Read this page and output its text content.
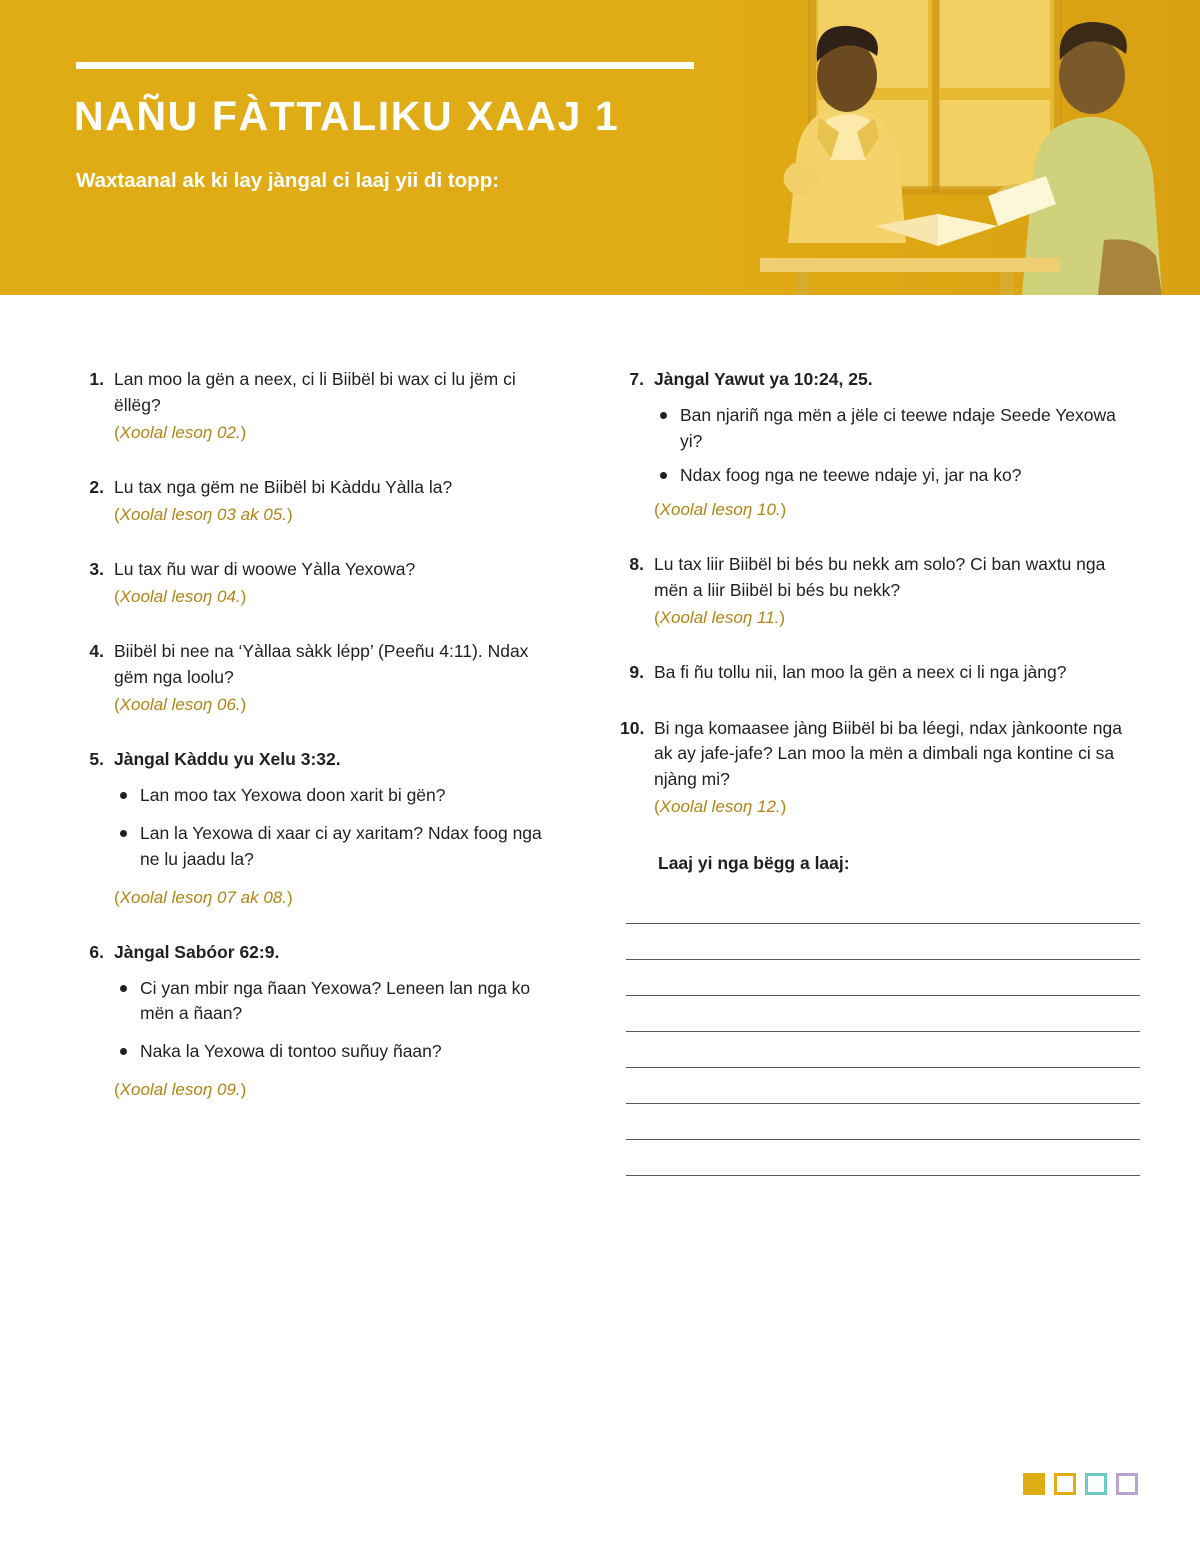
NAÑU FÀTTALIKU XAAJ 1

Waxtaanal ak ki lay jàngal ci laaj yii di topp:

1. Lan moo la gën a neex, ci li Biibël bi wax ci lu jëm ci ëllëg?
(Xoolal lesoŋ 02.)
2. Lu tax nga gëm ne Biibël bi Kàddu Yàlla la?
(Xoolal lesoŋ 03 ak 05.)
3. Lu tax ñu war di woowe Yàlla Yexowa?
(Xoolal lesoŋ 04.)
4. Biibël bi nee na ‘Yàllaa sàkk lépp’ (Peeñu 4:11). Ndax gëm nga loolu?
(Xoolal lesoŋ 06.)
5. Jàngal Kàddu yu Xelu 3:32.
Lan moo tax Yexowa doon xarit bi gën?
Lan la Yexowa di xaar ci ay xaritam? Ndax foog nga ne lu jaadu la?
(Xoolal lesoŋ 07 ak 08.)
6. Jàngal Sabóor 62:9.
Ci yan mbir nga ñaan Yexowa? Leneen lan nga ko mën a ñaan?
Naka la Yexowa di tontoo suñuy ñaan?
(Xoolal lesoŋ 09.)
7. Jàngal Yawut ya 10:24, 25.
Ban njariñ nga mën a jële ci teewe ndaje Seede Yexowa yi?
Ndax foog nga ne teewe ndaje yi, jar na ko?
(Xoolal lesoŋ 10.)
8. Lu tax liir Biibël bi bés bu nekk am solo? Ci ban waxtu nga mën a liir Biibël bi bés bu nekk?
(Xoolal lesoŋ 11.)
9. Ba fi ñu tollu nii, lan moo la gën a neex ci li nga jàng?
10. Bi nga komaasee jàng Biibël bi ba léegi, ndax jànkoonte nga ak ay jafe-jafe? Lan moo la mën a dimbali nga kontine ci sa njàng mi?
(Xoolal lesoŋ 12.)
Laaj yi nga bëgg a laaj:
